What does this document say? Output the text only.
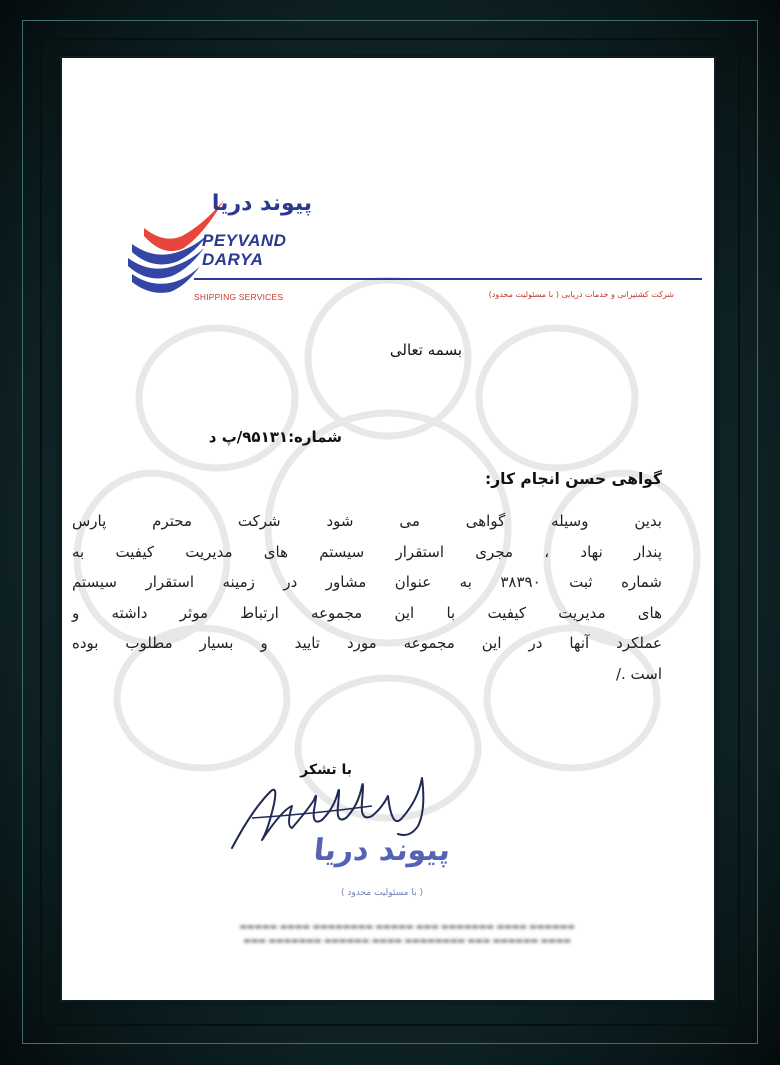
پیوند دریا
PEYVAND
DARYA
SHIPPING SERVICES	شرکت کشتیرانی و خدمات دریایی ( با مسئولیت محدود)
بسمه تعالی
شماره:۹۵۱۳۱/پ د
گواهی حسن انجام کار:
بدین وسیله گواهی می شود شرکت محترم پارس
پندار نهاد ، مجری استقرار سیستم های مدیریت کیفیت به
شماره ثبت ۳۸۳۹۰ به عنوان مشاور در زمینه استقرار سیستم
های مدیریت کیفیت با این مجموعه ارتباط موثر داشته و
عملکرد آنها در این مجموعه مورد تایید و بسیار مطلوب بوده
است ./
با تشکر
پیوند دریا
( با مسئولیت محدود )
▬▬▬▬▬▬ ▬▬▬▬ ▬▬▬▬▬▬▬ ▬▬▬ ▬▬▬▬▬ ▬▬▬▬▬▬▬▬ ▬▬▬▬ ▬▬▬▬▬
▬▬▬▬ ▬▬▬▬▬▬ ▬▬▬ ▬▬▬▬▬▬▬▬ ▬▬▬▬ ▬▬▬▬▬▬ ▬▬▬▬▬▬▬ ▬▬▬
